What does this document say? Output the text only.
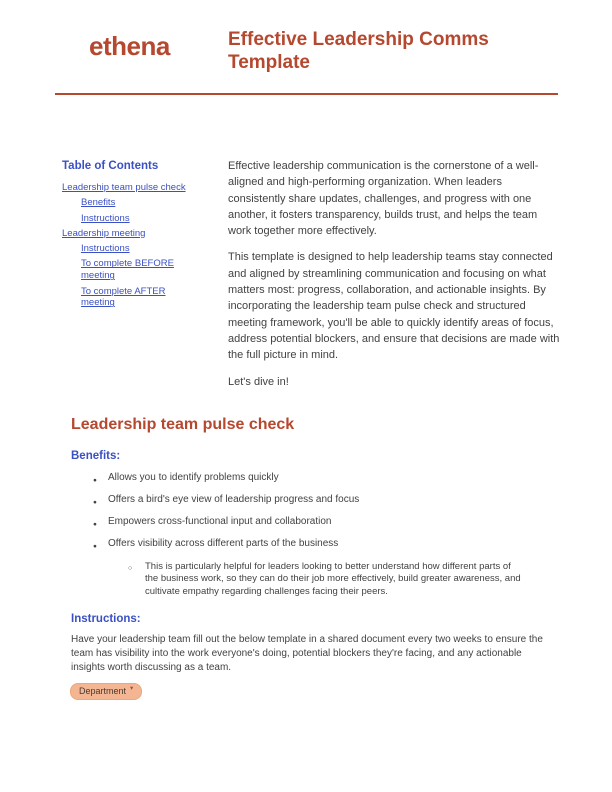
ethena	Effective Leadership Comms Template
Table of Contents
Leadership team pulse check
Benefits
Instructions
Leadership meeting
Instructions
To complete BEFORE meeting
To complete AFTER meeting

Effective leadership communication is the cornerstone of a well-aligned and high-performing organization. When leaders consistently share updates, challenges, and progress with one another, it fosters transparency, builds trust, and helps the team work together more effectively.

This template is designed to help leadership teams stay connected and aligned by streamlining communication and focusing on what matters most: progress, collaboration, and actionable insights. By incorporating the leadership team pulse check and structured meeting framework, you'll be able to quickly identify areas of focus, address potential blockers, and ensure that decisions are made with the full picture in mind.

Let's dive in!

Leadership team pulse check
Benefits:
● Allows you to identify problems quickly
● Offers a bird's eye view of leadership progress and focus
● Empowers cross-functional input and collaboration
● Offers visibility across different parts of the business
○ This is particularly helpful for leaders looking to better understand how different parts of the business work, so they can do their job more effectively, build greater awareness, and cultivate empathy regarding challenges facing their peers.
Instructions:

Have your leadership team fill out the below template in a shared document every two weeks to ensure the team has visibility into the work everyone's doing, potential blockers they're facing, and any actionable insights worth discussing as a team.

Department ▾
